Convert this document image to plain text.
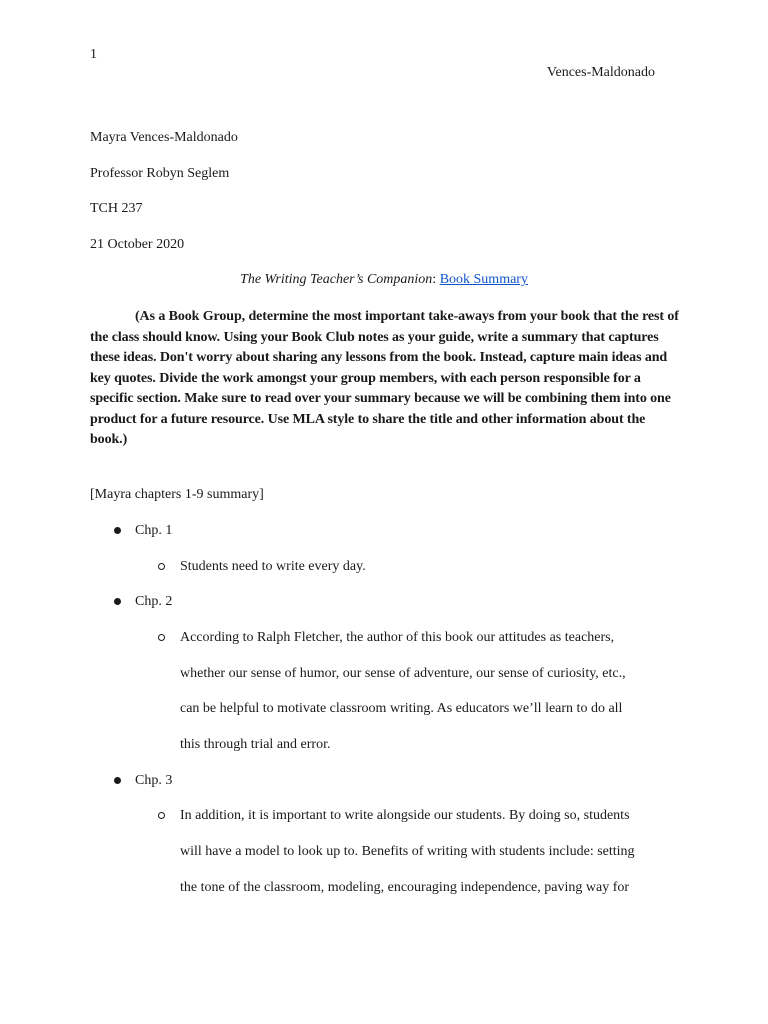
1
Vences-Maldonado
Mayra Vences-Maldonado
Professor Robyn Seglem
TCH 237
21 October 2020
The Writing Teacher’s Companion: Book Summary
(As a Book Group, determine the most important take-aways from your book that the rest of the class should know. Using your Book Club notes as your guide, write a summary that captures these ideas. Don't worry about sharing any lessons from the book. Instead, capture main ideas and key quotes. Divide the work amongst your group members, with each person responsible for a specific section. Make sure to read over your summary because we will be combining them into one product for a future resource. Use MLA style to share the title and other information about the book.)
[Mayra chapters 1-9 summary]
Chp. 1
Students need to write every day.
Chp. 2
According to Ralph Fletcher, the author of this book our attitudes as teachers,
whether our sense of humor, our sense of adventure, our sense of curiosity, etc.,
can be helpful to motivate classroom writing. As educators we’ll learn to do all
this through trial and error.
Chp. 3
In addition, it is important to write alongside our students. By doing so, students
will have a model to look up to. Benefits of writing with students include: setting
the tone of the classroom, modeling, encouraging independence, paving way for
